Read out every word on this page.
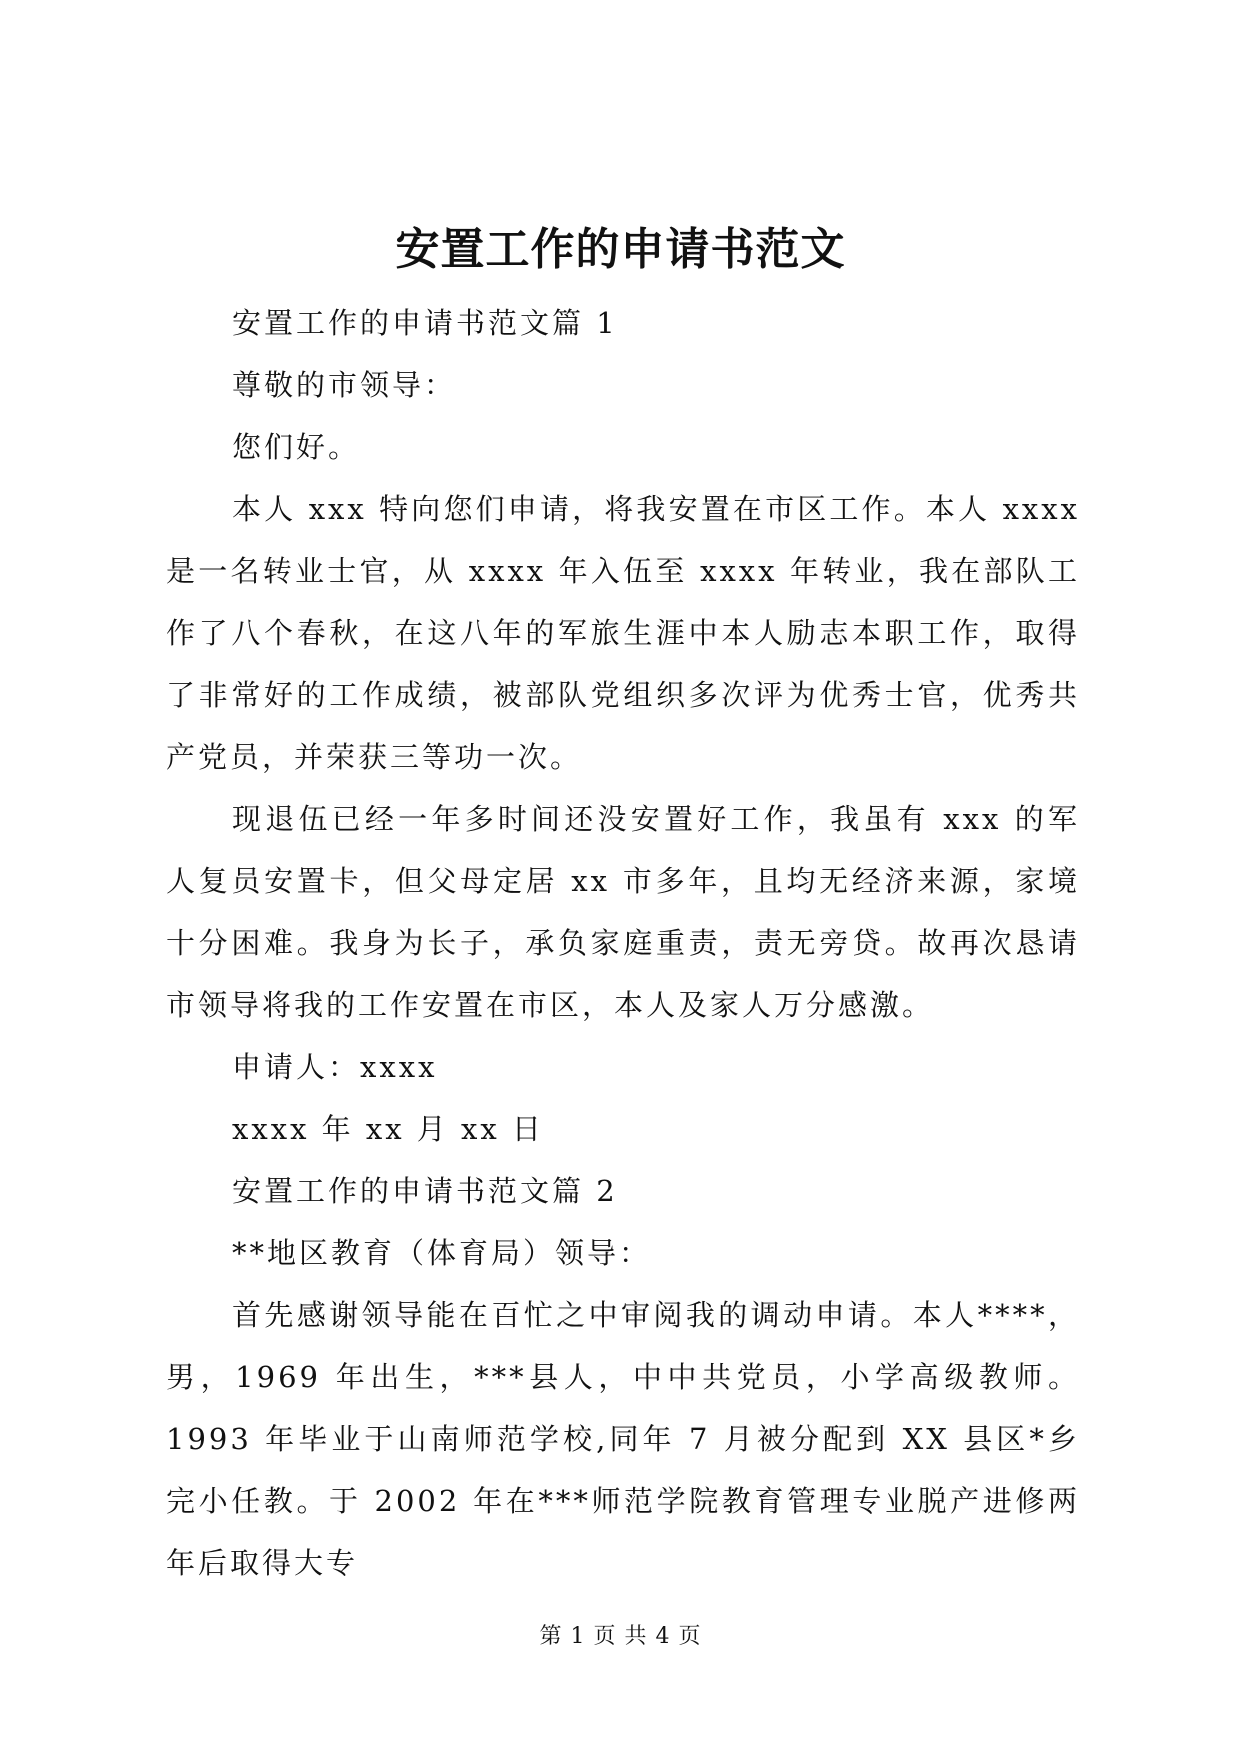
安置工作的申请书范文

安置工作的申请书范文篇 1

尊敬的市领导：

您们好。

本人 xxx 特向您们申请，将我安置在市区工作。本人 xxxx 是一名转业士官，从 xxxx 年入伍至 xxxx 年转业，我在部队工作了八个春秋，在这八年的军旅生涯中本人励志本职工作，取得了非常好的工作成绩，被部队党组织多次评为优秀士官，优秀共产党员，并荣获三等功一次。

现退伍已经一年多时间还没安置好工作，我虽有 xxx 的军人复员安置卡，但父母定居 xx 市多年，且均无经济来源，家境十分困难。我身为长子，承负家庭重责，责无旁贷。故再次恳请市领导将我的工作安置在市区，本人及家人万分感激。

申请人：xxxx

xxxx 年 xx 月 xx 日

安置工作的申请书范文篇 2

**地区教育（体育局）领导：

首先感谢领导能在百忙之中审阅我的调动申请。本人****，男，1969 年出生，***县人，中中共党员，小学高级教师。1993 年毕业于山南师范学校,同年 7 月被分配到 XX 县区*乡完小任教。于 2002 年在***师范学院教育管理专业脱产进修两年后取得大专

第 1 页 共 4 页
